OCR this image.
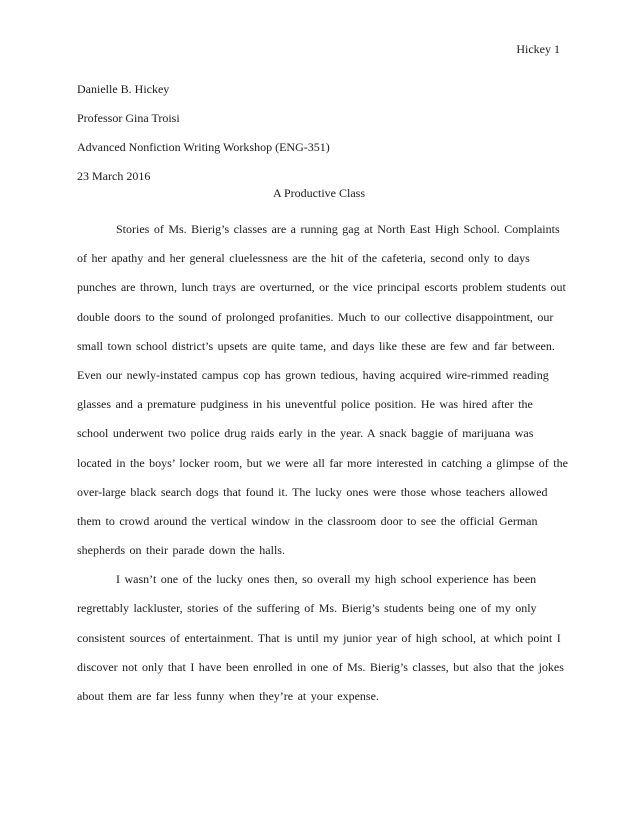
Hickey 1
Danielle B. Hickey
Professor Gina Troisi
Advanced Nonfiction Writing Workshop (ENG-351)
23 March 2016
A Productive Class
Stories of Ms. Bierig’s classes are a running gag at North East High School. Complaints
of her apathy and her general cluelessness are the hit of the cafeteria, second only to days
punches are thrown, lunch trays are overturned, or the vice principal escorts problem students out
double doors to the sound of prolonged profanities. Much to our collective disappointment, our
small town school district’s upsets are quite tame, and days like these are few and far between.
Even our newly-instated campus cop has grown tedious, having acquired wire-rimmed reading
glasses and a premature pudginess in his uneventful police position. He was hired after the
school underwent two police drug raids early in the year. A snack baggie of marijuana was
located in the boys’ locker room, but we were all far more interested in catching a glimpse of the
over-large black search dogs that found it. The lucky ones were those whose teachers allowed
them to crowd around the vertical window in the classroom door to see the official German
shepherds on their parade down the halls.
I wasn’t one of the lucky ones then, so overall my high school experience has been
regrettably lackluster, stories of the suffering of Ms. Bierig’s students being one of my only
consistent sources of entertainment. That is until my junior year of high school, at which point I
discover not only that I have been enrolled in one of Ms. Bierig’s classes, but also that the jokes
about them are far less funny when they’re at your expense.
